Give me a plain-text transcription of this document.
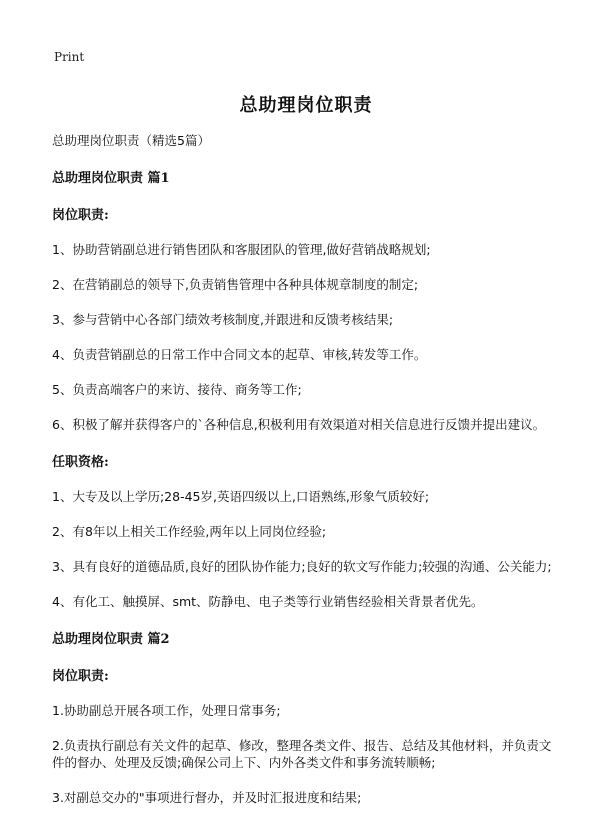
Print
总助理岗位职责
总助理岗位职责（精选5篇）
总助理岗位职责 篇1
岗位职责:
1、协助营销副总进行销售团队和客服团队的管理,做好营销战略规划;
2、在营销副总的领导下,负责销售管理中各种具体规章制度的制定;
3、参与营销中心各部门绩效考核制度,并跟进和反馈考核结果;
4、负责营销副总的日常工作中合同文本的起草、审核,转发等工作。
5、负责高端客户的来访、接待、商务等工作;
6、积极了解并获得客户的`各种信息,积极利用有效渠道对相关信息进行反馈并提出建议。
任职资格:
1、大专及以上学历;28-45岁,英语四级以上,口语熟练,形象气质较好;
2、有8年以上相关工作经验,两年以上同岗位经验;
3、具有良好的道德品质,良好的团队协作能力;良好的软文写作能力;较强的沟通、公关能力;
4、有化工、触摸屏、smt、防静电、电子类等行业销售经验相关背景者优先。
总助理岗位职责 篇2
岗位职责:
1.协助副总开展各项工作，处理日常事务;
2.负责执行副总有关文件的起草、修改，整理各类文件、报告、总结及其他材料，并负责文件的督办、处理及反馈;确保公司上下、内外各类文件和事务流转顺畅;
3.对副总交办的"事项进行督办，并及时汇报进度和结果;
